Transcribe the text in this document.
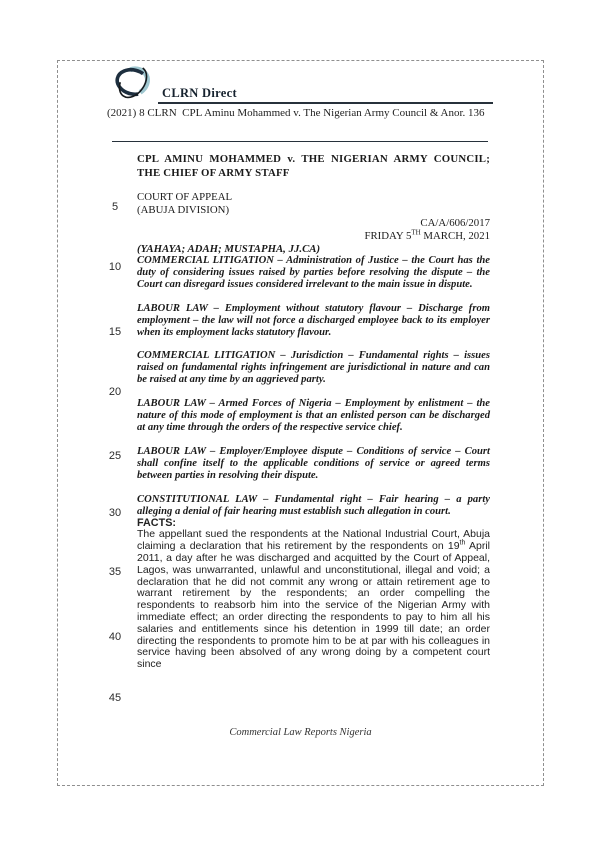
CLRN Direct
(2021) 8 CLRN  CPL Aminu Mohammed v. The Nigerian Army Council & Anor. 136
5
10
15
20
25
30
35
40
45

CPL AMINU MOHAMMED v. THE NIGERIAN ARMY COUNCIL; THE CHIEF OF ARMY STAFF

COURT OF APPEAL

(ABUJA DIVISION)

CA/A/606/2017

FRIDAY 5TH MARCH, 2021

(YAHAYA; ADAH; MUSTAPHA, JJ.CA)

COMMERCIAL LITIGATION – Administration of Justice – the Court has the duty of considering issues raised by parties before resolving the dispute – the Court can disregard issues considered irrelevant to the main issue in dispute.

LABOUR LAW – Employment without statutory flavour – Discharge from employment – the law will not force a discharged employee back to its employer when its employment lacks statutory flavour.

COMMERCIAL LITIGATION – Jurisdiction – Fundamental rights – issues raised on fundamental rights infringement are jurisdictional in nature and can be raised at any time by an aggrieved party.

LABOUR LAW – Armed Forces of Nigeria – Employment by enlistment – the nature of this mode of employment is that an enlisted person can be discharged at any time through the orders of the respective service chief.

LABOUR LAW – Employer/Employee dispute – Conditions of service – Court shall confine itself to the applicable conditions of service or agreed terms between parties in resolving their dispute.

CONSTITUTIONAL LAW – Fundamental right – Fair hearing – a party alleging a denial of fair hearing must establish such allegation in court.

FACTS:

The appellant sued the respondents at the National Industrial Court, Abuja claiming a declaration that his retirement by the respondents on 19th April 2011, a day after he was discharged and acquitted by the Court of Appeal, Lagos, was unwarranted, unlawful and unconstitutional, illegal and void; a declaration that he did not commit any wrong or attain retirement age to warrant retirement by the respondents; an order compelling the respondents to reabsorb him into the service of the Nigerian Army with immediate effect; an order directing the respondents to pay to him all his salaries and entitlements since his detention in 1999 till date; an order directing the respondents to promote him to be at par with his colleagues in service having been absolved of any wrong doing by a competent court since

Commercial Law Reports Nigeria
